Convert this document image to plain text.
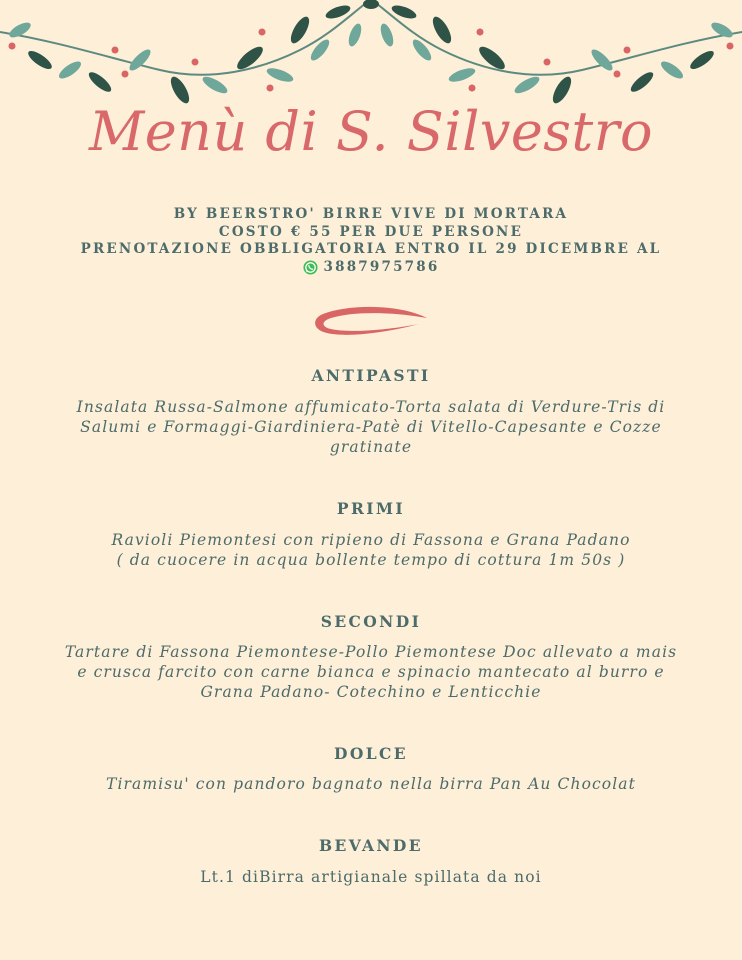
Menù di S. Silvestro
BY BEERSTRO' BIRRE VIVE DI MORTARA
COSTO € 55 PER DUE PERSONE
PRENOTAZIONE OBBLIGATORIA ENTRO IL 29 DICEMBRE AL
3887975786
ANTIPASTI

Insalata Russa-Salmone affumicato-Torta salata di Verdure-Tris di
Salumi e Formaggi-Giardiniera-Patè di Vitello-Capesante e Cozze
gratinate

PRIMI

Ravioli Piemontesi con ripieno di Fassona e Grana Padano
( da cuocere in acqua bollente tempo di cottura 1m 50s )

SECONDI

Tartare di Fassona Piemontese-Pollo Piemontese Doc allevato a mais
e crusca farcito con carne bianca e spinacio mantecato al burro e
Grana Padano- Cotechino e Lenticchie

DOLCE

Tiramisu' con pandoro bagnato nella birra Pan Au Chocolat

BEVANDE

Lt.1 diBirra artigianale spillata da noi
